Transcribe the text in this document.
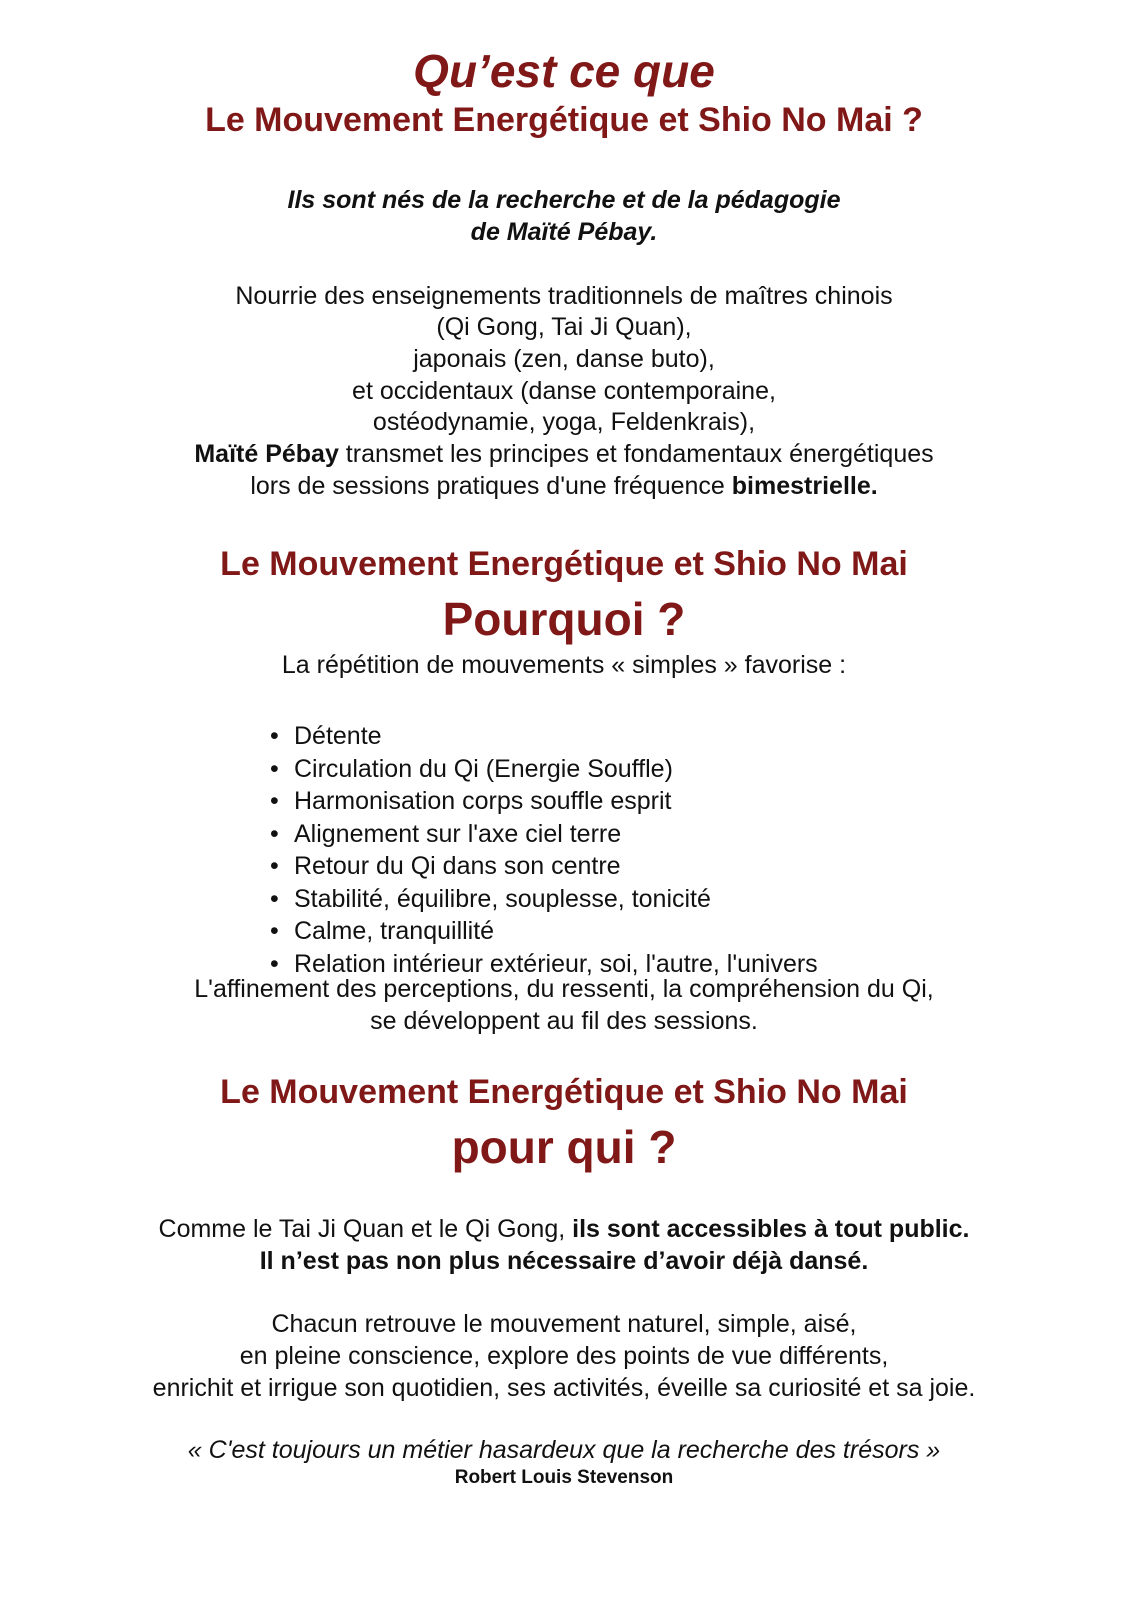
Qu’est ce que
Le Mouvement Energétique et Shio No Mai ?
Ils sont nés de la recherche et de la pédagogie
de Maïté Pébay.
Nourrie des enseignements traditionnels de maîtres chinois
(Qi Gong, Tai Ji Quan),
japonais (zen, danse buto),
et occidentaux (danse contemporaine,
ostéodynamie, yoga, Feldenkrais),
Maïté Pébay transmet les principes et fondamentaux énergétiques
lors de sessions pratiques d'une fréquence bimestrielle.
Le Mouvement Energétique et Shio No Mai
Pourquoi ?
La répétition de mouvements « simples » favorise :
• Détente
• Circulation du Qi (Energie Souffle)
• Harmonisation corps souffle esprit
• Alignement sur l'axe ciel terre
• Retour du Qi dans son centre
• Stabilité, équilibre, souplesse, tonicité
• Calme, tranquillité
• Relation intérieur extérieur, soi, l'autre, l'univers
L'affinement des perceptions, du ressenti, la compréhension du Qi,
se développent au fil des sessions.
Le Mouvement Energétique et Shio No Mai
pour qui ?
Comme le Tai Ji Quan et le Qi Gong, ils sont accessibles à tout public.
Il n’est pas non plus nécessaire d’avoir déjà dansé.
Chacun retrouve le mouvement naturel, simple, aisé,
en pleine conscience, explore des points de vue différents,
enrichit et irrigue son quotidien, ses activités, éveille sa curiosité et sa joie.
« C'est toujours un métier hasardeux que la recherche des trésors »
Robert Louis Stevenson
